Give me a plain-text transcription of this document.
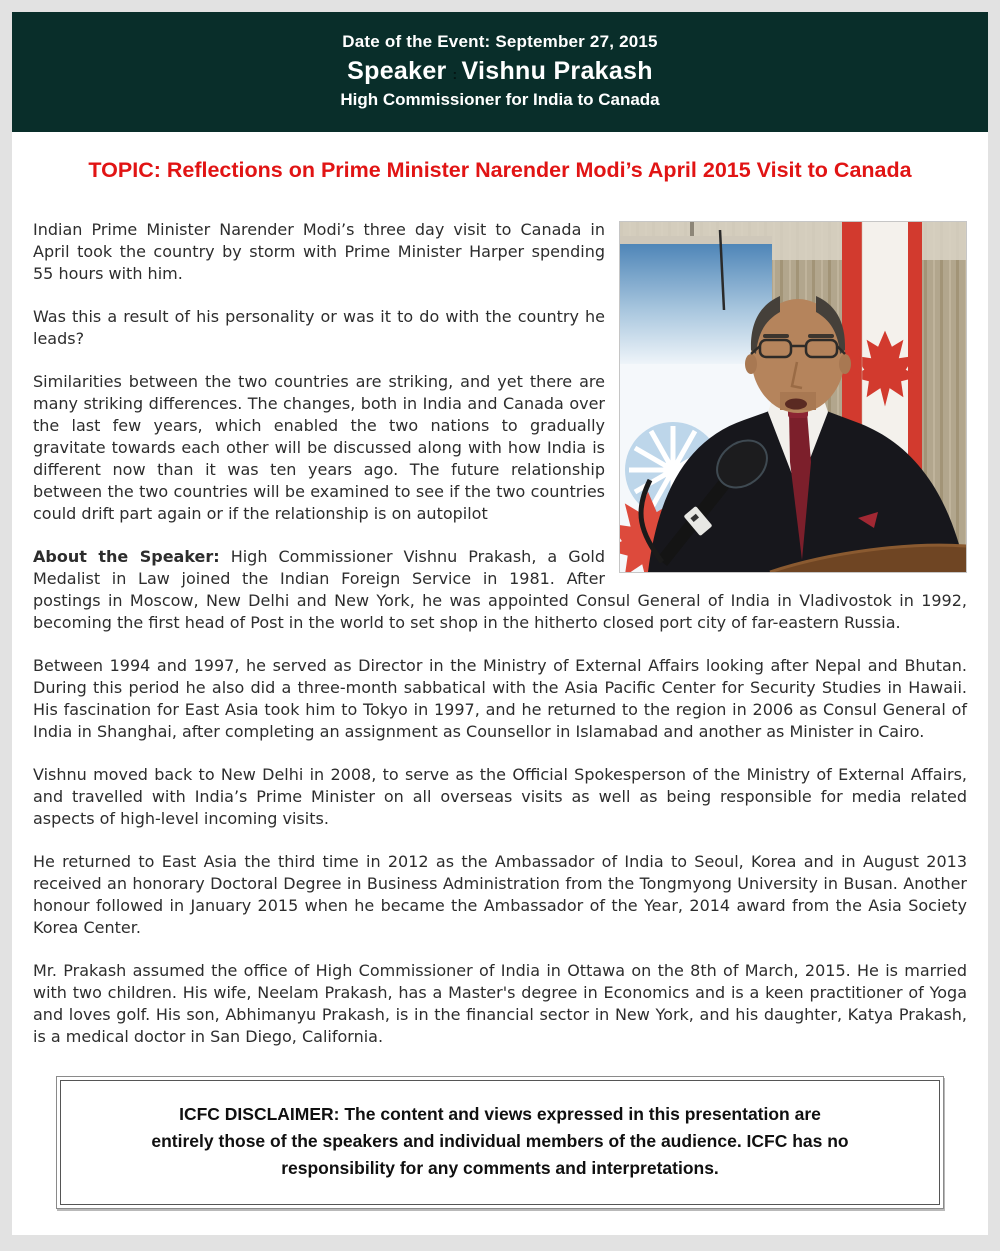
Date of the Event: September 27, 2015
Speaker : Vishnu Prakash
High Commissioner for India to Canada
TOPIC: Reflections on Prime Minister Narender Modi’s April 2015 Visit to Canada

Indian Prime Minister Narender Modi’s three day visit to Canada in April took the country by storm with Prime Minister Harper spending 55 hours with him.

Was this a result of his personality or was it to do with the country he leads?

Similarities between the two countries are striking, and yet there are many striking differences. The changes, both in India and Canada over the last few years, which enabled the two nations to gradually gravitate towards each other will be discussed along with how India is different now than it was ten years ago. The future relationship between the two countries will be examined to see if the two countries could drift part again or if the relationship is on autopilot

About the Speaker: High Commissioner Vishnu Prakash, a Gold Medalist in Law joined the Indian Foreign Service in 1981. After postings in Moscow, New Delhi and New York, he was appointed Consul General of India in Vladivostok in 1992, becoming the first head of Post in the world to set shop in the hitherto closed port city of far-eastern Russia.

Between 1994 and 1997, he served as Director in the Ministry of External Affairs looking after Nepal and Bhutan. During this period he also did a three-month sabbatical with the Asia Pacific Center for Security Studies in Hawaii. His fascination for East Asia took him to Tokyo in 1997, and he returned to the region in 2006 as Consul General of India in Shanghai, after completing an assignment as Counsellor in Islamabad and another as Minister in Cairo.

Vishnu moved back to New Delhi in 2008, to serve as the Official Spokesperson of the Ministry of External Affairs, and travelled with India’s Prime Minister on all overseas visits as well as being responsible for media related aspects of high-level incoming visits.

He returned to East Asia the third time in 2012 as the Ambassador of India to Seoul, Korea and in August 2013 received an honorary Doctoral Degree in Business Administration from the Tongmyong University in Busan. Another honour followed in January 2015 when he became the Ambassador of the Year, 2014 award from the Asia Society Korea Center.

Mr. Prakash assumed the office of High Commissioner of India in Ottawa on the 8th of March, 2015. He is married with two children. His wife, Neelam Prakash, has a Master's degree in Economics and is a keen practitioner of Yoga and loves golf. His son, Abhimanyu Prakash, is in the financial sector in New York, and his daughter, Katya Prakash, is a medical doctor in San Diego, California.

ICFC DISCLAIMER: The content and views expressed in this presentation are entirely those of the speakers and individual members of the audience. ICFC has no responsibility for any comments and interpretations.
